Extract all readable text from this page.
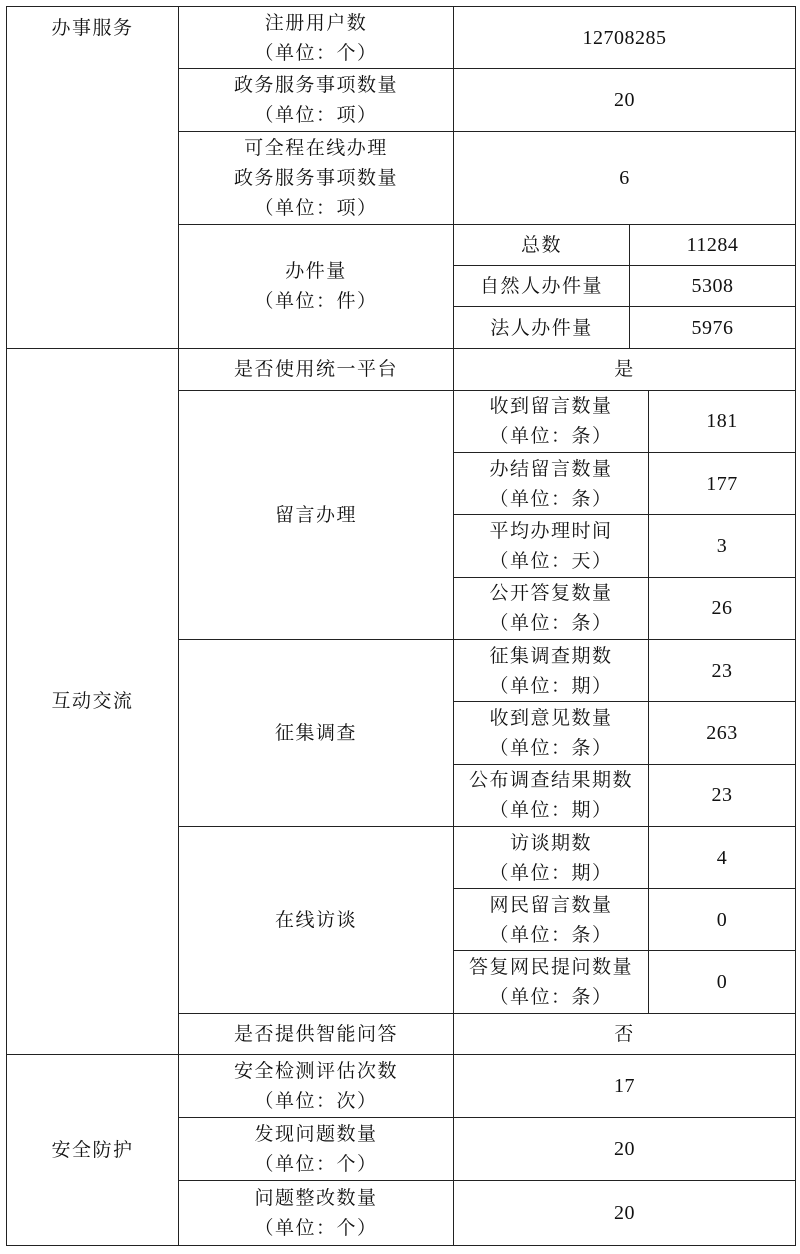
办事服务	注册用户数
（单位：个）	12708285		

	政务服务事项数量
（单位：项）	20		

	可全程在线办理
政务服务事项数量
（单位：项）	6		

	办件量
（单位：件）	总数	11284	
		自然人办件量	5308	
		法人办件量	5976	
互动交流	是否使用统一平台	是		
	留言办理	收到留言数量
（单位：条）		181

		办结留言数量
（单位：条）		177

		平均办理时间
（单位：天）		3

		公开答复数量
（单位：条）		26
	征集调查	征集调查期数
（单位：期）		23

		收到意见数量
（单位：条）		263

		公布调查结果期数
（单位：期）		23
	在线访谈	访谈期数
（单位：期）		4

		网民留言数量
（单位：条）		0

		答复网民提问数量
（单位：条）		0
	是否提供智能问答	否		
安全防护	安全检测评估次数
（单位：次）	17		

	发现问题数量
（单位：个）	20		

	问题整改数量
（单位：个）	20		
